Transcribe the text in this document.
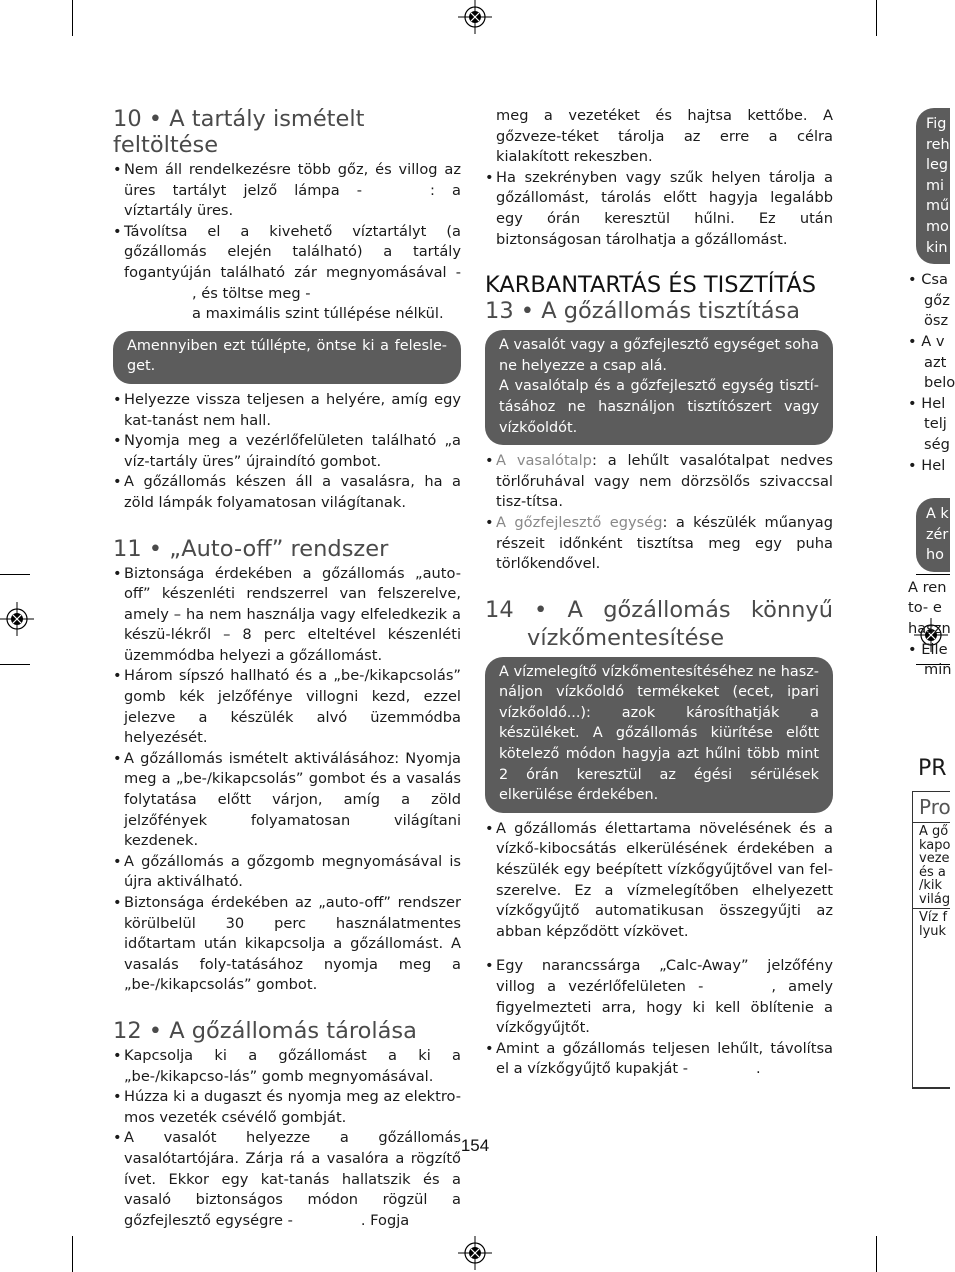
10 • A tartály ismételt feltöltése
• Nem áll rendelkezésre több gőz, és villog az üres tartályt jelző lámpa -	: a víztartály üres.
• Távolítsa el a kivehető víztartályt (a gőzállomás elején található) a tartály fogantyúján található zár megnyomásával -, és töltse meg -
a maximális szint túllépése nélkül.
Amennyiben ezt túllépte, öntse ki a felesle-get.
• Helyezze vissza teljesen a helyére, amíg egy kat-tanást nem hall.
• Nyomja meg a vezérlőfelületen található „a víz-tartály üres” újraindító gombot.
• A gőzállomás készen áll a vasalásra, ha a zöld lámpák folyamatosan világítanak.
11 • „Auto-off” rendszer
• Biztonsága érdekében a gőzállomás „auto-off” készenléti rendszerrel van felszerelve, amely – ha nem használja vagy elfeledkezik a készü-lékről – 8 perc elteltével készenléti üzemmódba helyezi a gőzállomást.
• Három sípszó hallható és a „be-/kikapcsolás” gomb kék jelzőfénye villogni kezd, ezzel jelezve a készülék alvó üzemmódba helyezését.
• A gőzállomás ismételt aktiválásához: Nyomja meg a „be-/kikapcsolás” gombot és a vasalás folytatása előtt várjon, amíg a zöld jelzőfények folyamatosan világítani kezdenek.
• A gőzállomás a gőzgomb megnyomásával is újra aktiválható.
• Biztonsága érdekében az „auto-off” rendszer körülbelül 30 perc használatmentes időtartam után kikapcsolja a gőzállomást. A vasalás foly-tatásához nyomja meg a „be-/kikapcsolás” gombot.
12 • A gőzállomás tárolása
• Kapcsolja ki a gőzállomást a ki a „be-/kikapcso-lás” gomb megnyomásával.
• Húzza ki a dugaszt és nyomja meg az elektro-mos vezeték csévélő gombját.
• A vasalót helyezze a gőzállomás vasalótartójára. Zárja rá a vasalóra a rögzítő ívet. Ekkor egy kat-tanás hallatszik és a vasaló biztonságos módon rögzül a gőzfejlesztő egységre -	. Fogja
meg a vezetéket és hajtsa kettőbe. A gőzveze-téket tárolja az erre a célra kialakított rekeszben.
• Ha szekrényben vagy szűk helyen tárolja a gőzállomást, tárolás előtt hagyja legalább egy órán keresztül hűlni. Ez után biztonságosan tárolhatja a gőzállomást.
KARBANTARTÁS ÉS TISZTÍTÁS
13 • A gőzállomás tisztítása
A vasalót vagy a gőzfejlesztő egységet soha ne helyezze a csap alá.
A vasalótalp és a gőzfejlesztő egység tisztí-tásához ne használjon tisztítószert vagy vízkőoldót.
• A vasalótalp: a lehűlt vasalótalpat nedves törlőruhával vagy nem dörzsölős szivaccsal tisz-títsa.
• A gőzfejlesztő egység: a készülék műanyag részeit időnként tisztítsa meg egy puha törlőkendővel.
14 • A gőzállomás könnyű
vízkőmentesítése
A vízmelegítő vízkőmentesítéséhez ne hasz-náljon vízkőoldó termékeket (ecet, ipari vízkőoldó...): azok károsíthatják a készüléket. A gőzállomás kiürítése előtt kötelező módon hagyja azt hűlni több mint 2 órán keresztül az égési sérülések elkerülése érdekében.
• A gőzállomás élettartama növelésének és a vízkő-kibocsátás elkerülésének érdekében a készülék egy beépített vízkőgyűjtővel van fel-szerelve. Ez a vízmelegítőben elhelyezett vízkőgyűjtő automatikusan összegyűjti az abban képződött vízkövet.
• Egy narancssárga „Calc-Away” jelzőfény villog a vezérlőfelületen -	, amely figyelmezteti arra, hogy ki kell öblítenie a vízkőgyűjtőt.
• Amint a gőzállomás teljesen lehűlt, távolítsa el a vízkőgyűjtő kupakját -	.
Fig
reh
leg
mi
mű
mo
kin
• Csa
gőz
ösz
• A v
azt
belo
• Hel
telj
ség
• Hel
A k
zér
ho
A ren
to- e
haszn
• Elle
min
PR
Pro
A gő
kapo
veze
és a
/kik
világ
Víz f
lyuk
154
